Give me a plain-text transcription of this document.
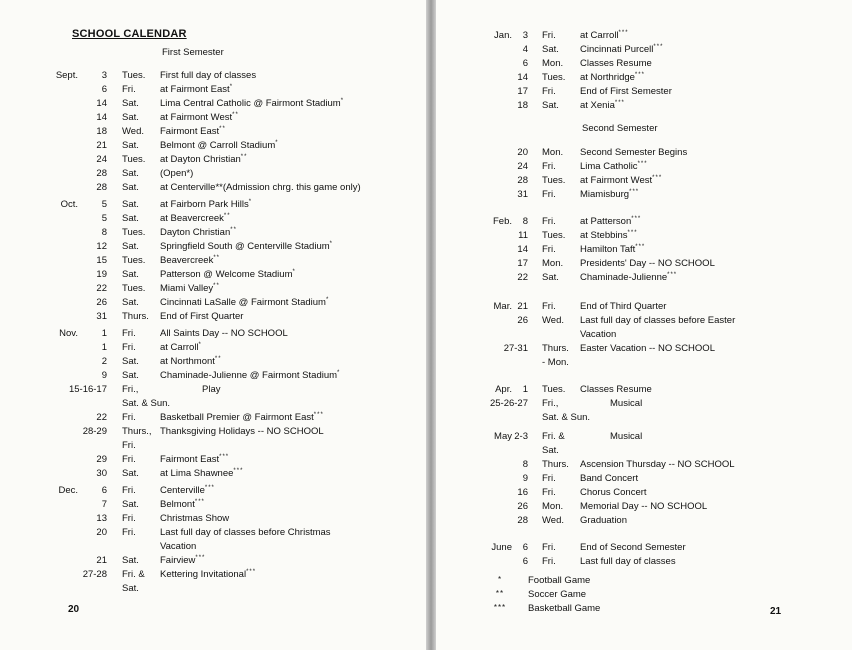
SCHOOL CALENDAR
First Semester
Sept.	3 Tues. First full day of classes
6 Fri.	at Fairmont East*
14 Sat. Lima Central Catholic @ Fairmont Stadium*
14 Sat. at Fairmont West**
18 Wed. Fairmont East**
21 Sat. Belmont @ Carroll Stadium*
24 Tues. at Dayton Christian**
28 Sat. (Open*)
28 Sat. at Centerville**(Admission chrg. this game only)
Oct.	5 Sat. at Fairborn Park Hills*
5 Sat. at Beavercreek**
8 Tues. Dayton Christian**
12 Sat. Springfield South @ Centerville Stadium*
15 Tues. Beavercreek**
19 Sat. Patterson @ Welcome Stadium*
22 Tues. Miami Valley**
26 Sat. Cincinnati LaSalle @ Fairmont Stadium*
31 Thurs. End of First Quarter
Nov.	1 Fri.	All Saints Day -- NO SCHOOL
1 Fri.	at Carroll*
2 Sat. at Northmont**
9 Sat. Chaminade-Julienne @ Fairmont Stadium*
15-16-17 Fri.,	Play
Sat. & Sun.
22 Fri.	Basketball Premier @ Fairmont East***
28-29 Thurs., Thanksgiving Holidays -- NO SCHOOL
Fri.
29 Fri.	Fairmont East***
30 Sat. at Lima Shawnee***
Dec.	6 Fri.	Centerville***
7 Sat. Belmont***
13 Fri.	Christmas Show
20 Fri.	Last full day of classes before Christmas
Vacation
21 Sat. Fairview***
27-28 Fri. & Kettering Invitational***
Sat.
20
Second Semester
Jan.	3 Fri.	at Carroll***
4 Sat. Cincinnati Purcell***
6 Mon. Classes Resume
14 Tues. at Northridge***
17 Fri.	End of First Semester
18 Sat. at Xenia***
20 Mon. Second Semester Begins
24 Fri.	Lima Catholic***
28 Tues. at Fairmont West***
31 Fri.	Miamisburg***
Feb.	8 Fri.	at Patterson***
11 Tues. at Stebbins***
14 Fri.	Hamilton Taft***
17 Mon. Presidents' Day -- NO SCHOOL
22 Sat. Chaminade-Julienne***
Mar. 21 Fri.	End of Third Quarter
26 Wed. Last full day of classes before Easter
Vacation
27-31 Thurs. Easter Vacation -- NO SCHOOL
- Mon.
Apr.	1 Tues. Classes Resume
25-26-27 Fri.,	Musical
Sat. & Sun.
May 2-3 Fri. &	Musical
Sat.
8 Thurs. Ascension Thursday -- NO SCHOOL
9 Fri.	Band Concert
16 Fri.	Chorus Concert
26 Mon. Memorial Day -- NO SCHOOL
28 Wed. Graduation
June	6 Fri.	End of Second Semester
6 Fri.	Last full day of classes
*	Football Game
**	Soccer Game
***	Basketball Game	21
